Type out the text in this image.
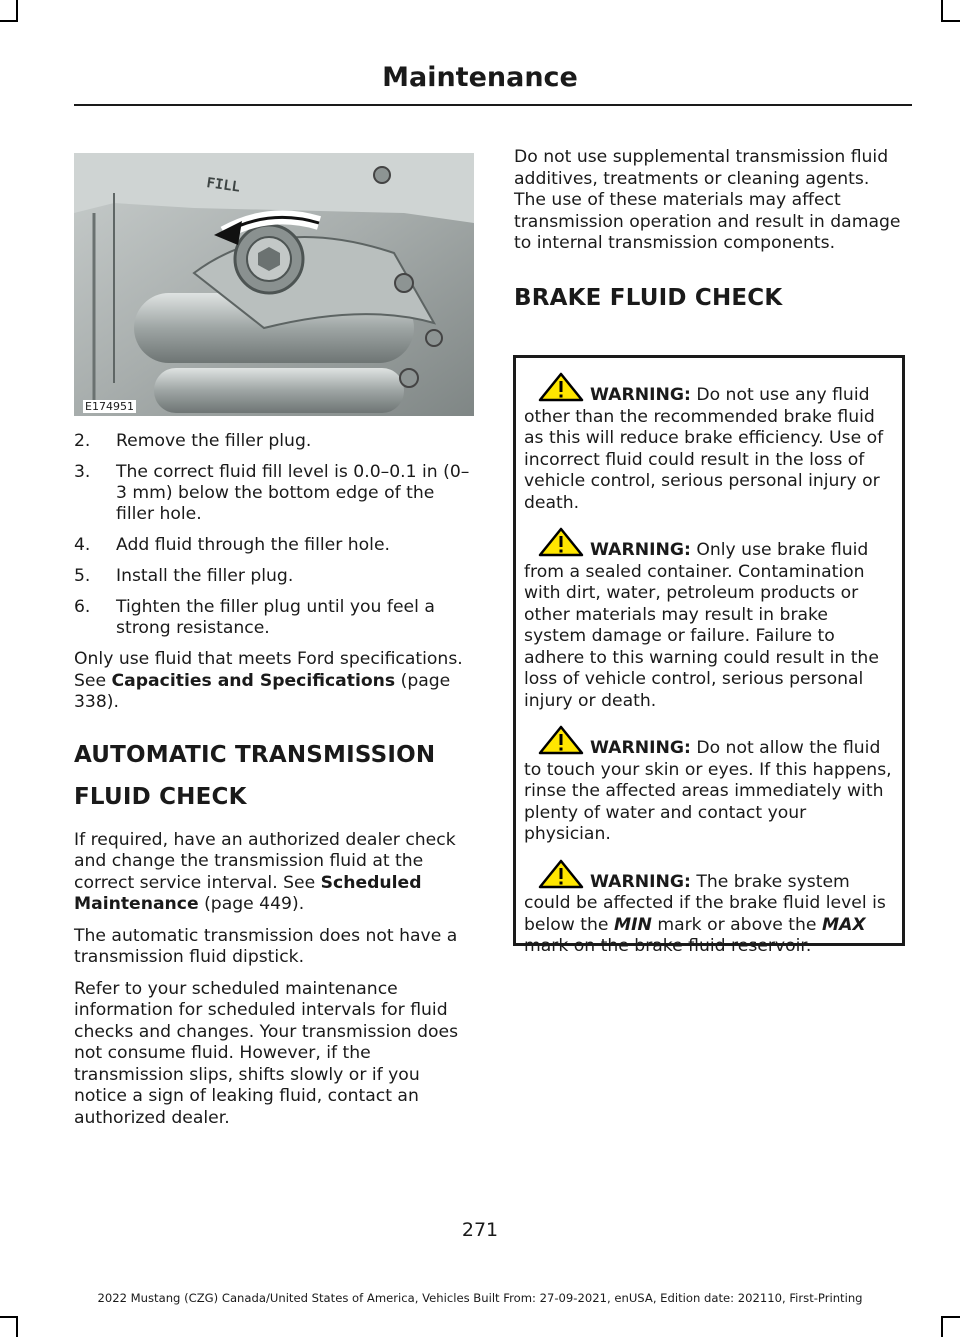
Maintenance
FILL
E174951
2. Remove the filler plug.
3. The correct fluid fill level is 0.0–0.1 in (0–3 mm) below the bottom edge of the filler hole.
4. Add fluid through the filler hole.
5. Install the filler plug.
6. Tighten the filler plug until you feel a strong resistance.

Only use fluid that meets Ford specifications. See Capacities and Specifications (page 338).

AUTOMATIC TRANSMISSION
FLUID CHECK

If required, have an authorized dealer check and change the transmission fluid at the correct service interval. See Scheduled Maintenance (page 449).

The automatic transmission does not have a transmission fluid dipstick.

Refer to your scheduled maintenance information for scheduled intervals for fluid checks and changes. Your transmission does not consume fluid. However, if the transmission slips, shifts slowly or if you notice a sign of leaking fluid, contact an authorized dealer.

Do not use supplemental transmission fluid additives, treatments or cleaning agents. The use of these materials may affect transmission operation and result in damage to internal transmission components.

BRAKE FLUID CHECK

WARNING: Do not use any fluid other than the recommended brake fluid as this will reduce brake efficiency. Use of incorrect fluid could result in the loss of vehicle control, serious personal injury or death.

WARNING: Only use brake fluid from a sealed container. Contamination with dirt, water, petroleum products or other materials may result in brake system damage or failure. Failure to adhere to this warning could result in the loss of vehicle control, serious personal injury or death.

WARNING: Do not allow the fluid to touch your skin or eyes. If this happens, rinse the affected areas immediately with plenty of water and contact your physician.

WARNING: The brake system could be affected if the brake fluid level is below the MIN mark or above the MAX mark on the brake fluid reservoir.

271
2022 Mustang (CZG) Canada/United States of America, Vehicles Built From: 27-09-2021, enUSA, Edition date: 202110, First-Printing
